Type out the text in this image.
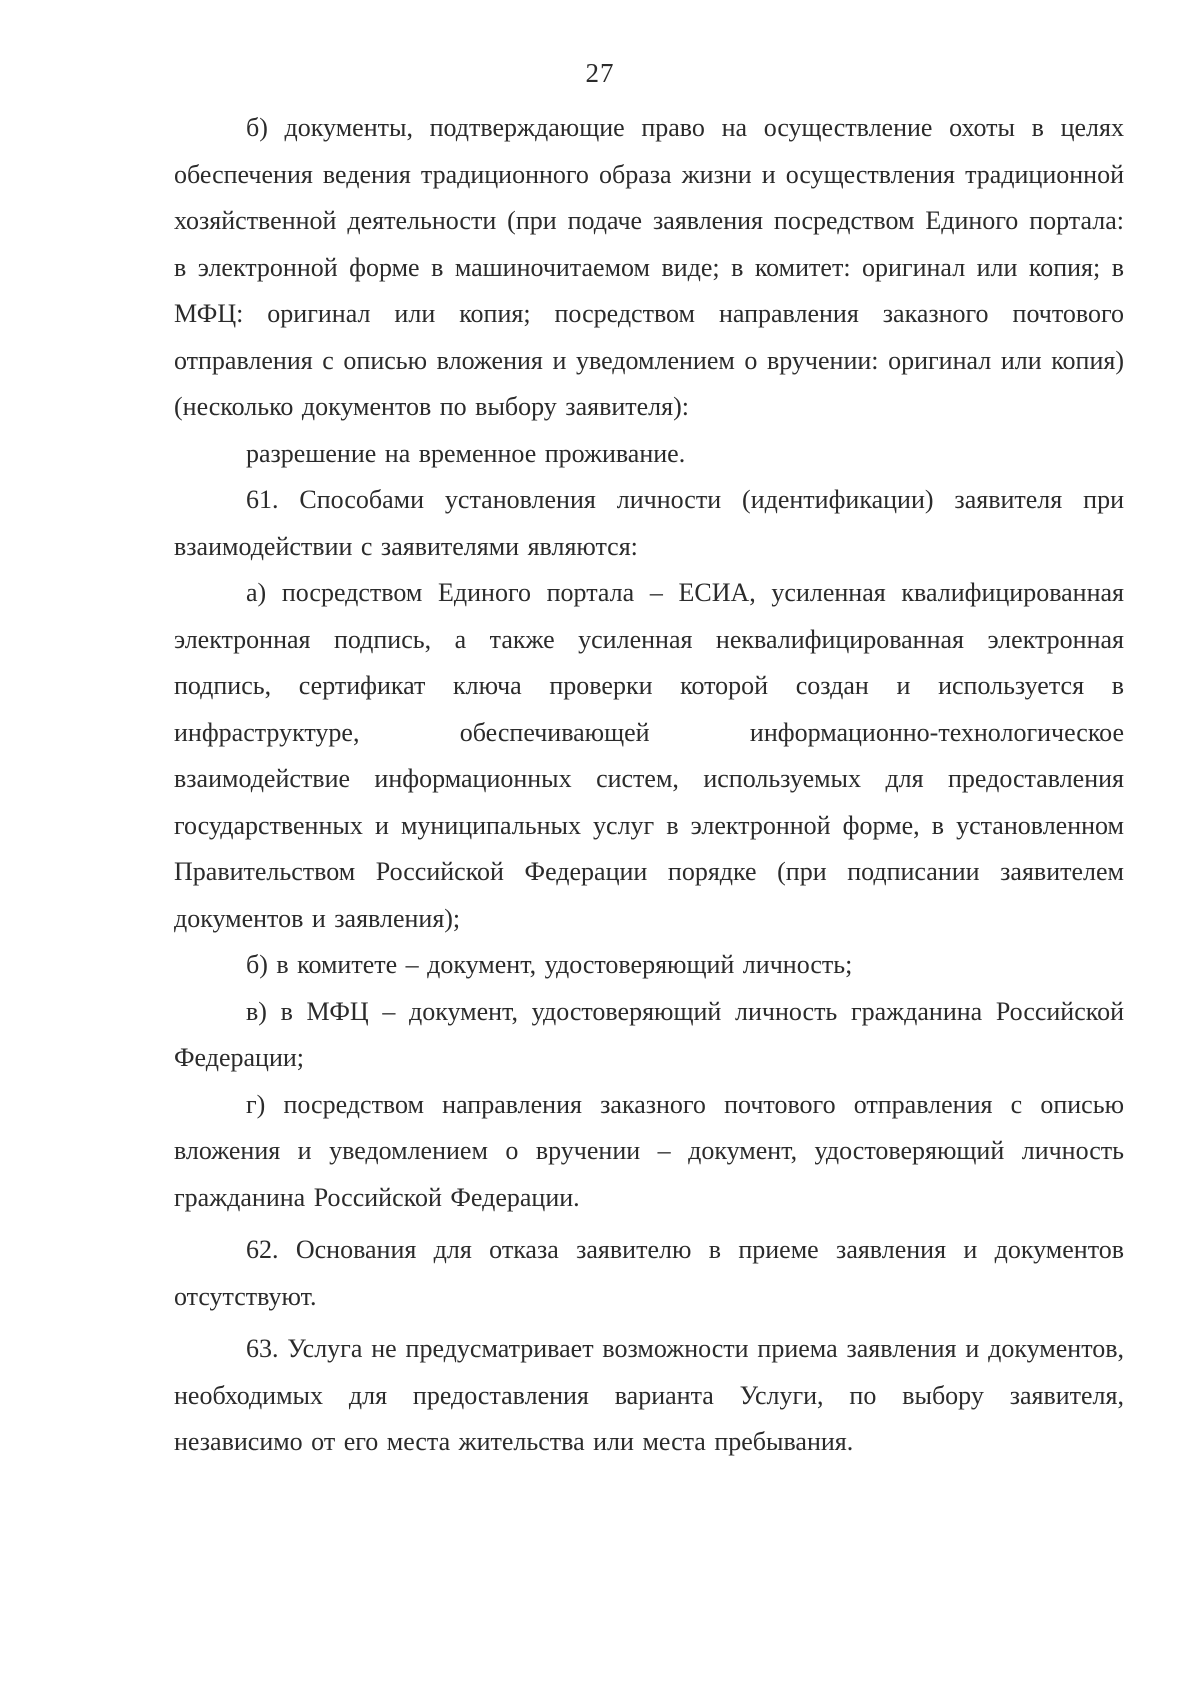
27

б) документы, подтверждающие право на осуществление охоты в целях обеспечения ведения традиционного образа жизни и осуществления традиционной хозяйственной деятельности (при подаче заявления посредством Единого портала: в электронной форме в машиночитаемом виде; в комитет: оригинал или копия; в МФЦ: оригинал или копия; посредством направления заказного почтового отправления с описью вложения и уведомлением о вручении: оригинал или копия) (несколько документов по выбору заявителя):

разрешение на временное проживание.

61. Способами установления личности (идентификации) заявителя при взаимодействии с заявителями являются:

а) посредством Единого портала – ЕСИА, усиленная квалифицированная электронная подпись, а также усиленная неквалифицированная электронная подпись, сертификат ключа проверки которой создан и используется в инфраструктуре, обеспечивающей информационно-технологическое взаимодействие информационных систем, используемых для предоставления государственных и муниципальных услуг в электронной форме, в установленном Правительством Российской Федерации порядке (при подписании заявителем документов и заявления);

б) в комитете – документ, удостоверяющий личность;

в) в МФЦ – документ, удостоверяющий личность гражданина Российской Федерации;

г) посредством направления заказного почтового отправления с описью вложения и уведомлением о вручении – документ, удостоверяющий личность гражданина Российской Федерации.

62. Основания для отказа заявителю в приеме заявления и документов отсутствуют.

63. Услуга не предусматривает возможности приема заявления и документов, необходимых для предоставления варианта Услуги, по выбору заявителя, независимо от его места жительства или места пребывания.
